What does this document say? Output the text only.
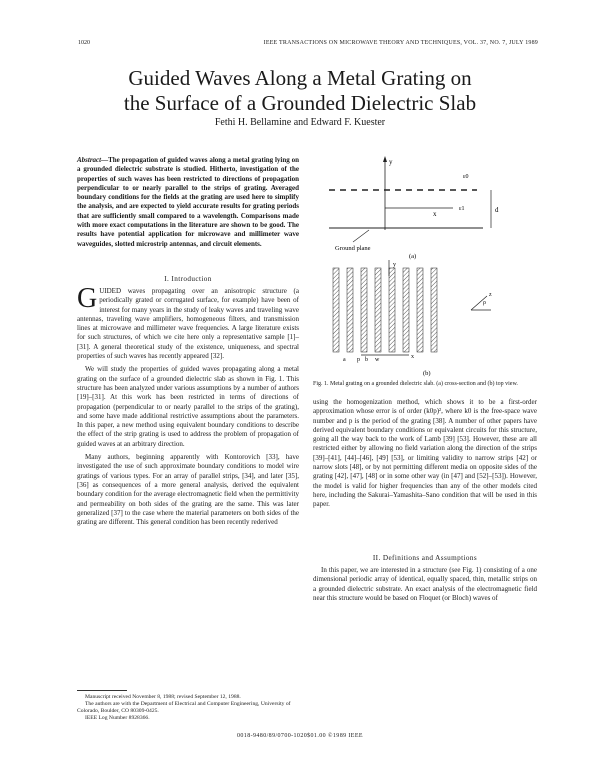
1020	IEEE TRANSACTIONS ON MICROWAVE THEORY AND TECHNIQUES, VOL. 37, NO. 7, JULY 1989
Guided Waves Along a Metal Grating on
the Surface of a Grounded Dielectric Slab
Fethi H. Bellamine and Edward F. Kuester
Abstract—The propagation of guided waves along a metal grating lying on a grounded dielectric substrate is studied. Hitherto, investigation of the properties of such waves has been restricted to directions of propagation perpendicular to or nearly parallel to the strips of grating. Averaged boundary conditions for the fields at the grating are used here to simplify the analysis, and are expected to yield accurate results for grating periods that are sufficiently small compared to a wavelength. Comparisons made with more exact computations in the literature are shown to be good. The results have potential application for microwave and millimeter wave waveguides, slotted microstrip antennas, and circuit elements.
I. Introduction

GUIDED waves propagating over an anisotropic structure (a periodically grated or corrugated surface, for example) have been of interest for many years in the study of leaky waves and traveling wave antennas, traveling wave amplifiers, homogeneous filters, and transmission lines at microwave and millimeter wave frequencies. A large literature exists for such structures, of which we cite here only a representative sample [1]–[31]. A general theoretical study of the existence, uniqueness, and spectral properties of such waves has recently appeared [32].

We will study the properties of guided waves propagating along a metal grating on the surface of a grounded dielectric slab as shown in Fig. 1. This structure has been analyzed under various assumptions by a number of authors [19]–[31]. At this work has been restricted in terms of directions of propagation (perpendicular to or nearly parallel to the strips of the grating), and some have made additional restrictive assumptions about the parameters. In this paper, a new method using equivalent boundary conditions to describe the effect of the strip grating is used to address the problem of propagation of guided waves at an arbitrary direction.

Many authors, beginning apparently with Kontorovich [33], have investigated the use of such approximate boundary conditions to model wire gratings of various types. For an array of parallel strips, [34], and later [35], [36] as consequences of a more general analysis, derived the equivalent boundary condition for the average electromagnetic field when the permittivity and permeability on both sides of the grating are the same. This was later generalized [37] to the case where the material parameters on both sides of the grating are different. This general condition has been recently rederived

Manuscript received November 8, 1988; revised September 12, 1988.
The authors are with the Department of Electrical and Computer Engineering, University of Colorado, Boulder, CO 80309-0425.
IEEE Log Number 8928366.
y
x	d
ε0
ε1
Ground plane
(a)
y
w
a p b	x
z
ρ
(b)
Fig. 1. Metal grating on a grounded dielectric slab. (a) cross-section and (b) top view.

using the homogenization method, which shows it to be a first-order approximation whose error is of order (k0p)², where k0 is the free-space wave number and p is the period of the grating [38]. A number of other papers have derived equivalent boundary conditions or equivalent circuits for this structure, going all the way back to the work of Lamb [39] [53]. However, these are all restricted either by allowing no field variation along the direction of the strips [39]–[41], [44]–[46], [49] [53], or limiting validity to narrow strips [42] or narrow slots [48], or by not permitting different media on opposite sides of the grating [42], [47], [48] or in some other way (in [47] and [52]–[53]). However, the model is valid for higher frequencies than any of the other models cited here, including the Sakurai–Yamashita–Sano condition that will be used in this paper.

II. Definitions and Assumptions

In this paper, we are interested in a structure (see Fig. 1) consisting of a one dimensional periodic array of identical, equally spaced, thin, metallic strips on a grounded dielectric substrate. An exact analysis of the electromagnetic field near this structure would be based on Floquet (or Bloch) waves of

0018-9480/89/0700-1020$01.00 ©1989 IEEE
